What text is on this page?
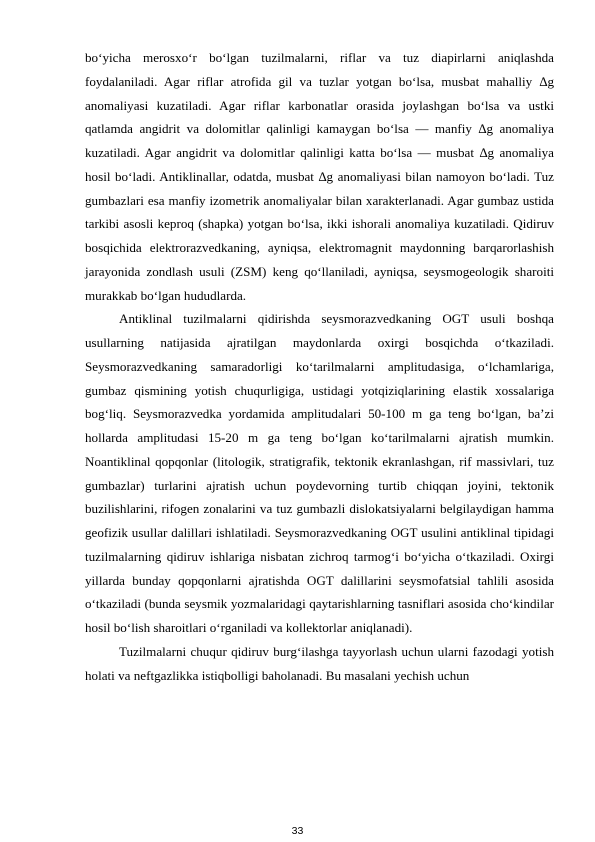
bo‘yicha merosxo‘r bo‘lgan tuzilmalarni, riflar va tuz diapirlarni aniqlashda foydalaniladi. Agar riflar atrofida gil va tuzlar yotgan bo‘lsa, musbat mahalliy ∆g anomaliyasi kuzatiladi. Agar riflar karbonatlar orasida joylashgan bo‘lsa va ustki qatlamda angidrit va dolomitlar qalinligi kamaygan bo‘lsa — manfiy ∆g anomaliya kuzatiladi. Agar angidrit va dolomitlar qalinligi katta bo‘lsa — musbat ∆g anomaliya hosil bo‘ladi. Antiklinallar, odatda, musbat ∆g anomaliyasi bilan namoyon bo‘ladi. Tuz gumbazlari esa manfiy izometrik anomaliyalar bilan xarakterlanadi. Agar gumbaz ustida tarkibi asosli keproq (shapka) yotgan bo‘lsa, ikki ishorali anomaliya kuzatiladi. Qidiruv bosqichida elektrorazvedkaning, ayniqsa, elektromagnit maydonning barqarorlashish jarayonida zondlash usuli (ZSM) keng qo‘llaniladi, ayniqsa, seysmogeologik sharoiti murakkab bo‘lgan hududlarda.

Antiklinal tuzilmalarni qidirishda seysmorazvedkaning OGT usuli boshqa usullarning natijasida ajratilgan maydonlarda oxirgi bosqichda o‘tkaziladi. Seysmorazvedkaning samaradorligi ko‘tarilmalarni amplitudasiga, o‘lchamlariga, gumbaz qismining yotish chuqurligiga, ustidagi yotqiziqlarining elastik xossalariga bog‘liq. Seysmorazvedka yordamida amplitudalari 50-100 m ga teng bo‘lgan, ba’zi hollarda amplitudasi 15-20 m ga teng bo‘lgan ko‘tarilmalarni ajratish mumkin. Noantiklinal qopqonlar (litologik, stratigrafik, tektonik ekranlashgan, rif massivlari, tuz gumbazlar) turlarini ajratish uchun poydevorning turtib chiqqan joyini, tektonik buzilishlarini, rifogen zonalarini va tuz gumbazli dislokatsiyalarni belgilaydigan hamma geofizik usullar dalillari ishlatiladi. Seysmorazvedkaning OGT usulini antiklinal tipidagi tuzilmalarning qidiruv ishlariga nisbatan zichroq tarmog‘i bo‘yicha o‘tkaziladi. Oxirgi yillarda bunday qopqonlarni ajratishda OGT dalillarini seysmofatsial tahlili asosida o‘tkaziladi (bunda seysmik yozmalaridagi qaytarishlarning tasniflari asosida cho‘kindilar hosil bo‘lish sharoitlari o‘rganiladi va kollektorlar aniqlanadi).

Tuzilmalarni chuqur qidiruv burg‘ilashga tayyorlash uchun ularni fazodagi yotish holati va neftgazlikka istiqbolligi baholanadi. Bu masalani yechish uchun

33
